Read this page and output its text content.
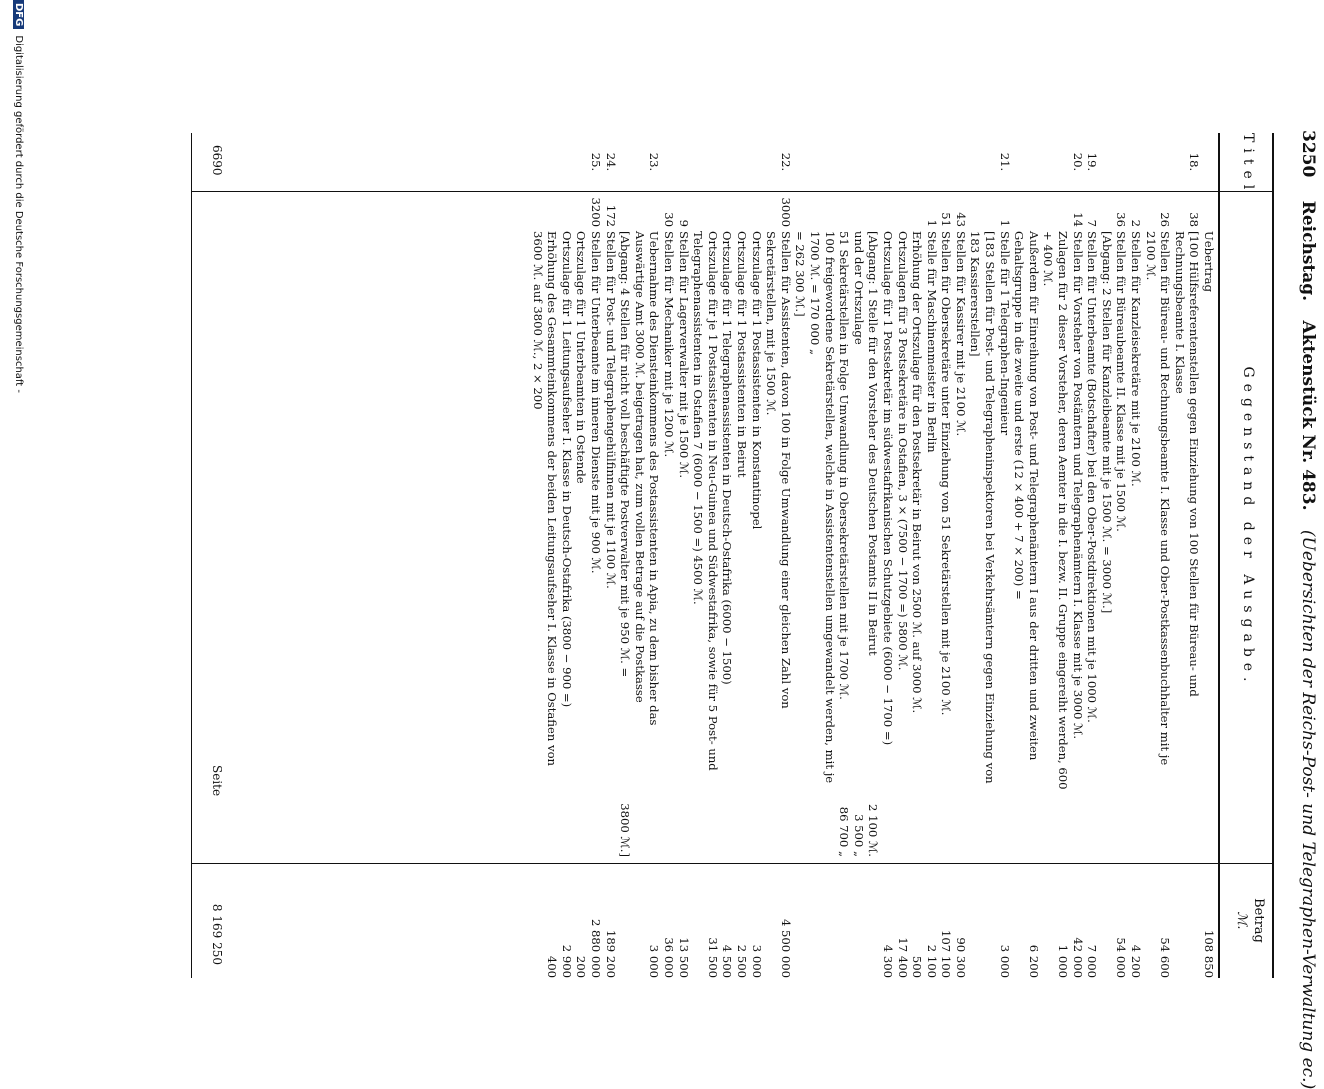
3250 Reichstag. Aktenstück Nr. 483. (Uebersichten der Reichs-Post- und Telegraphen-Verwaltung ec.)
Titel
Gegenstand der Ausgabe.
Betrag
ℳ.
Uebertrag
108 850
18.
38
[100 Hülfsreferentenstellen gegen Einziehung von 100 Stellen für Büreau- und Rechnungsbeamte I. Klasse
26
Stellen für Büreau- und Rechnungsbeamte I. Klasse und Ober-Postkassenbuchhalter mit je 2100 ℳ.
54 600
2
Stellen für Kanzleisekretäre mit je 2100 ℳ.
4 200
36
Stellen für Büreaubeamte II. Klasse mit je 1500 ℳ.
54 000
[Abgang: 2 Stellen für Kanzleibeamte mit je 1500 ℳ. = 3000 ℳ.]
19.
7
Stellen für Unterbeamte (Botschafter) bei den Ober-Postdirektionen mit je 1000 ℳ.
7 000
20.
14
Stellen für Vorsteher von Postämtern und Telegraphenämtern I. Klasse mit je 3000 ℳ.
42 000
Zulagen für 2 dieser Vorsteher, deren Aemter in die I. bezw. II. Gruppe eingereiht werden, 600 + 400 ℳ.
1 000
Außerdem für Einreihung von Post- und Telegraphenämtern I aus der dritten und zweiten Gehaltsgruppe in die zweite und erste (12 × 400 + 7 × 200) =
6 200
21.
1
Stelle für 1 Telegraphen-Ingenieur
3 000
[183 Stellen für Post- und Telegrapheninspektoren bei Verkehrsämtern gegen Einziehung von 183 Kassiererstellen]
43
Stellen für Kassirer mit je 2100 ℳ.
90 300
51
Stellen für Obersekretäre unter Einziehung von 51 Sekretärstellen mit je 2100 ℳ.
107 100
1
Stelle für Maschinenmeister in Berlin
2 100
Erhöhung der Ortszulage für den Postsekretär in Beirut von 2500 ℳ. auf 3000 ℳ.
500
Ortszulagen für 3 Postsekretäre in Ostafien, 3 × (7500 − 1700 =) 5800 ℳ.
17 400
Ortszulage für 1 Postsekretär im südwestafrikanischen Schutzgebiete (6000 − 1700 =)
4 300
[Abgang: 1 Stelle für den Vorsteher des Deutschen Postamts II in Beirut
2 100 ℳ.
und der Ortszulage
3 500 „
51 Sekretärstellen in Folge Umwandlung in Obersekretärstellen mit je 1700 ℳ.
86 700 „
100 freigewordene Sekretärstellen, welche in Assistentenstellen umgewandelt werden, mit je 1700 ℳ. = 170 000 „
= 262 300 ℳ.]
22.
3000
Stellen für Assistenten, davon 100 in Folge Umwandlung einer gleichen Zahl von Sekretärstellen, mit je 1500 ℳ.
4 500 000
Ortszulage für 1 Postassistenten in Konstantinopel
3 000
Ortszulage für 1 Postassistenten in Beirut
2 500
Ortszulage für 1 Telegraphenassistenten in Deutsch-Ostafrika (6000 − 1500)
4 500
Ortszulage für je 1 Postassistenten in Neu-Guinea und Südwestafrika, sowie für 5 Post- und Telegraphenassistenten in Ostafien 7 (6000 − 1500 =) 4500 ℳ.
31 500
9
Stellen für Lagerverwalter mit je 1500 ℳ.
13 500
30
Stellen für Mechaniker mit je 1200 ℳ.
36 000
23.
Uebernahme des Diensteinkommens des Postassistenten in Apia, zu dem bisher das Auswärtige Amt 3000 ℳ. beigetragen hat, zum vollen Betrage auf die Postkasse
3 000
[Abgang: 4 Stellen für nicht voll beschäftigte Postverwalter mit je 950 ℳ. =
3800 ℳ.]
24.
172
Stellen für Post- und Telegraphengehülfinnen mit je 1100 ℳ.
189 200
25.
3200
Stellen für Unterbeamte im inneren Dienste mit je 900 ℳ.
2 880 000
Ortszulage für 1 Unterbeamten in Ostende
200
Ortszulage für 1 Leitungsaufseher I. Klasse in Deutsch-Ostafrika (3800 − 900 =)
2 900
Erhöhung des Gesammteinkommens der beiden Leitungsaufseher I. Klasse in Ostafien von 3600 ℳ. auf 3800 ℳ., 2 × 200
400
6690
Seite
8 169 250
DFGDigitalisierung gefördert durch die Deutsche Forschungsgemeinschaft -
